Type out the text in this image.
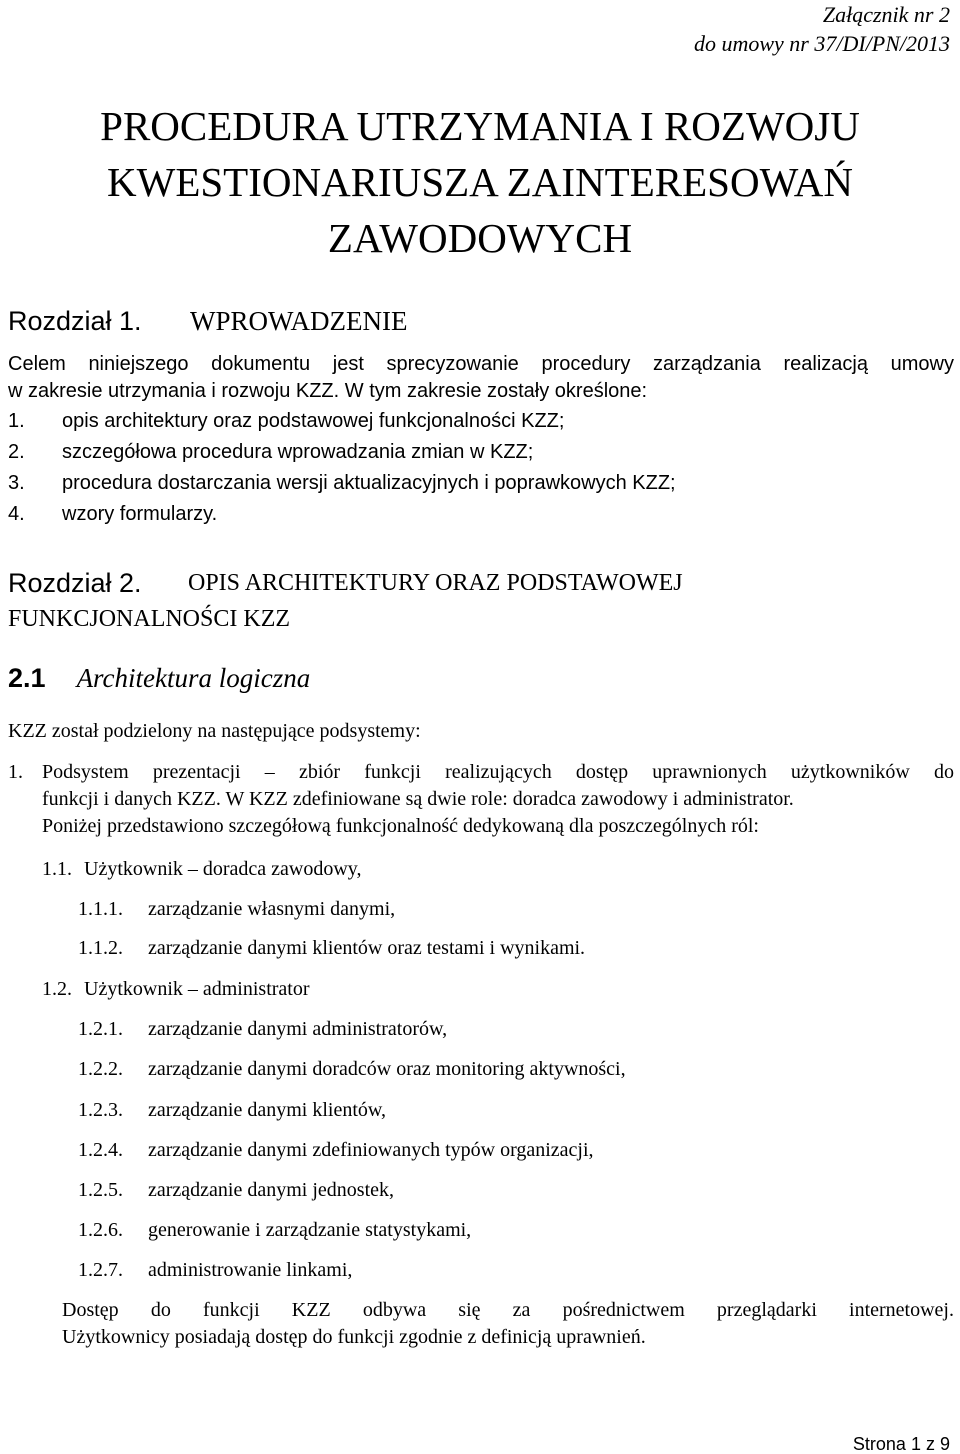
Załącznik nr 2
do umowy nr 37/DI/PN/2013
PROCEDURA UTRZYMANIA I ROZWOJU
KWESTIONARIUSZA ZAINTERESOWAŃ
ZAWODOWYCH
Rozdział 1. WPROWADZENIE
Celem niniejszego dokumentu jest sprecyzowanie procedury zarządzania realizacją umowy
w zakresie utrzymania i rozwoju KZZ. W tym zakresie zostały określone:
1. opis architektury oraz podstawowej funkcjonalności KZZ;
2. szczegółowa procedura wprowadzania zmian w KZZ;
3. procedura dostarczania wersji aktualizacyjnych i poprawkowych KZZ;
4. wzory formularzy.
Rozdział 2. OPIS ARCHITEKTURY ORAZ PODSTAWOWEJ
FUNKCJONALNOŚCI KZZ
2.1 Architektura logiczna
KZZ został podzielony na następujące podsystemy:
1. Podsystem prezentacji – zbiór funkcji realizujących dostęp uprawnionych użytkowników do
funkcji i danych KZZ. W KZZ zdefiniowane są dwie role: doradca zawodowy i administrator.
Poniżej przedstawiono szczegółową funkcjonalność dedykowaną dla poszczególnych ról:
1.1. Użytkownik – doradca zawodowy,
1.1.1. zarządzanie własnymi danymi,
1.1.2. zarządzanie danymi klientów oraz testami i wynikami.
1.2. Użytkownik – administrator
1.2.1. zarządzanie danymi administratorów,
1.2.2. zarządzanie danymi doradców oraz monitoring aktywności,
1.2.3. zarządzanie danymi klientów,
1.2.4. zarządzanie danymi zdefiniowanych typów organizacji,
1.2.5. zarządzanie danymi jednostek,
1.2.6. generowanie i zarządzanie statystykami,
1.2.7. administrowanie linkami,
Dostęp do funkcji KZZ odbywa się za pośrednictwem przeglądarki internetowej.
Użytkownicy posiadają dostęp do funkcji zgodnie z definicją uprawnień.
Strona 1 z 9
